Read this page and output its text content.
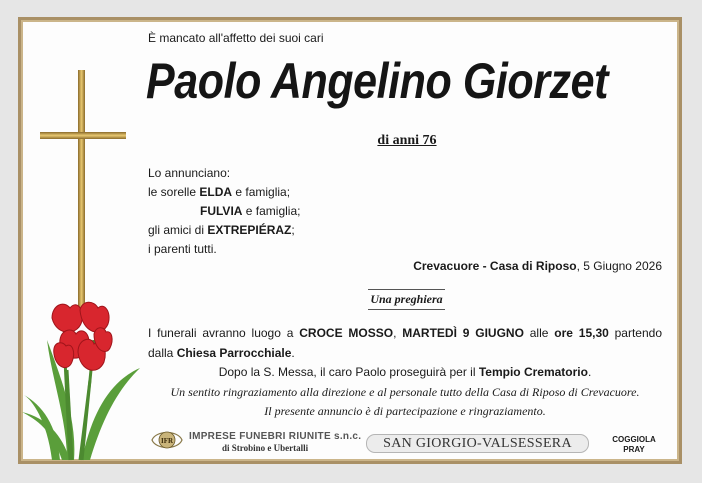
È mancato all'affetto dei suoi cari
Paolo Angelino Giorzet
di anni 76
Lo annunciano:
le sorelle ELDA e famiglia;
FULVIA e famiglia;
gli amici di EXTREPIÉRAZ;
i parenti tutti.
Crevacuore - Casa di Riposo, 5 Giugno 2026
Una preghiera
I funerali avranno luogo a CROCE MOSSO, MARTEDÌ 9 GIUGNO alle ore 15,30 partendo
dalla Chiesa Parrocchiale.
Dopo la S. Messa, il caro Paolo proseguirà per il Tempio Crematorio.
Un sentito ringraziamento alla direzione e al personale tutto della Casa di Riposo di Crevacuore.
Il presente annuncio è di partecipazione e ringraziamento.
IFR IMPRESE FUNEBRI RIUNITE s.n.c.
di Strobino e Ubertalli	SAN GIORGIO-VALSESSERA	COGGIOLA
PRAY
